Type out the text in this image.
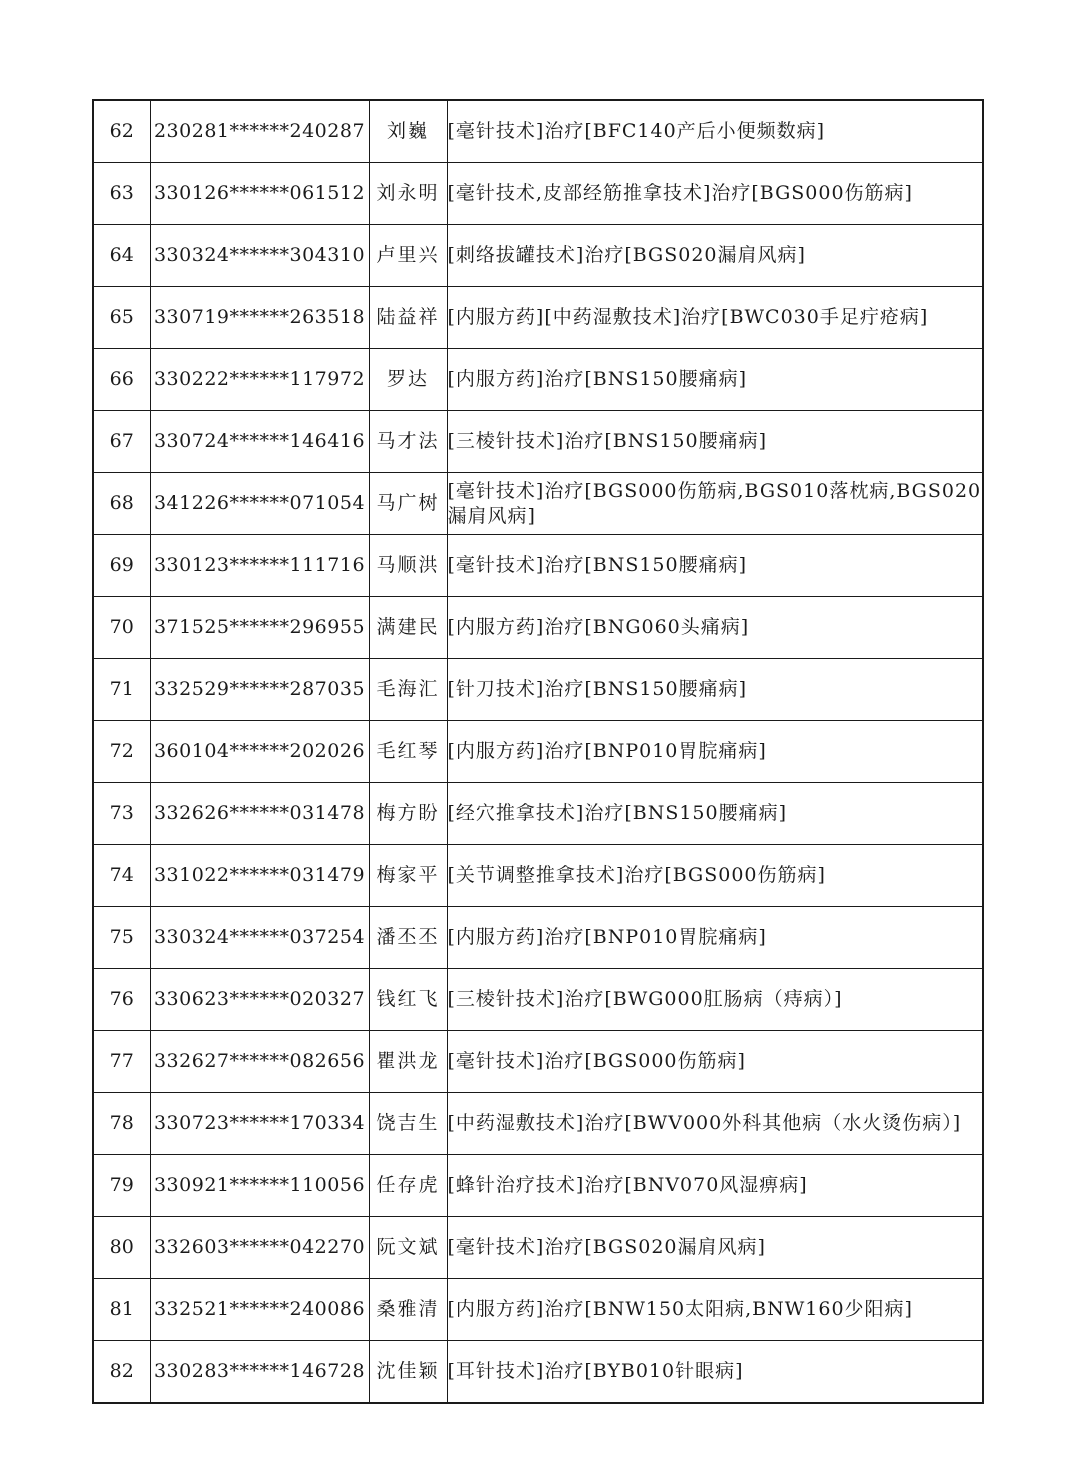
62	230281******240287	刘巍	[毫针技术]治疗[BFC140产后小便频数病]
63	330126******061512	刘永明	[毫针技术,皮部经筋推拿技术]治疗[BGS000伤筋病]
64	330324******304310	卢里兴	[刺络拔罐技术]治疗[BGS020漏肩风病]
65	330719******263518	陆益祥	[内服方药][中药湿敷技术]治疗[BWC030手足疔疮病]
66	330222******117972	罗达	[内服方药]治疗[BNS150腰痛病]
67	330724******146416	马才法	[三棱针技术]治疗[BNS150腰痛病]
68	341226******071054	马广树	[毫针技术]治疗[BGS000伤筋病,BGS010落枕病,BGS020漏肩风病]
69	330123******111716	马顺洪	[毫针技术]治疗[BNS150腰痛病]
70	371525******296955	满建民	[内服方药]治疗[BNG060头痛病]
71	332529******287035	毛海汇	[针刀技术]治疗[BNS150腰痛病]
72	360104******202026	毛红琴	[内服方药]治疗[BNP010胃脘痛病]
73	332626******031478	梅方盼	[经穴推拿技术]治疗[BNS150腰痛病]
74	331022******031479	梅家平	[关节调整推拿技术]治疗[BGS000伤筋病]
75	330324******037254	潘丕丕	[内服方药]治疗[BNP010胃脘痛病]
76	330623******020327	钱红飞	[三棱针技术]治疗[BWG000肛肠病（痔病）]
77	332627******082656	瞿洪龙	[毫针技术]治疗[BGS000伤筋病]
78	330723******170334	饶吉生	[中药湿敷技术]治疗[BWV000外科其他病（水火烫伤病）]
79	330921******110056	任存虎	[蜂针治疗技术]治疗[BNV070风湿痹病]
80	332603******042270	阮文斌	[毫针技术]治疗[BGS020漏肩风病]
81	332521******240086	桑雅清	[内服方药]治疗[BNW150太阳病,BNW160少阳病]
82	330283******146728	沈佳颖	[耳针技术]治疗[BYB010针眼病]
